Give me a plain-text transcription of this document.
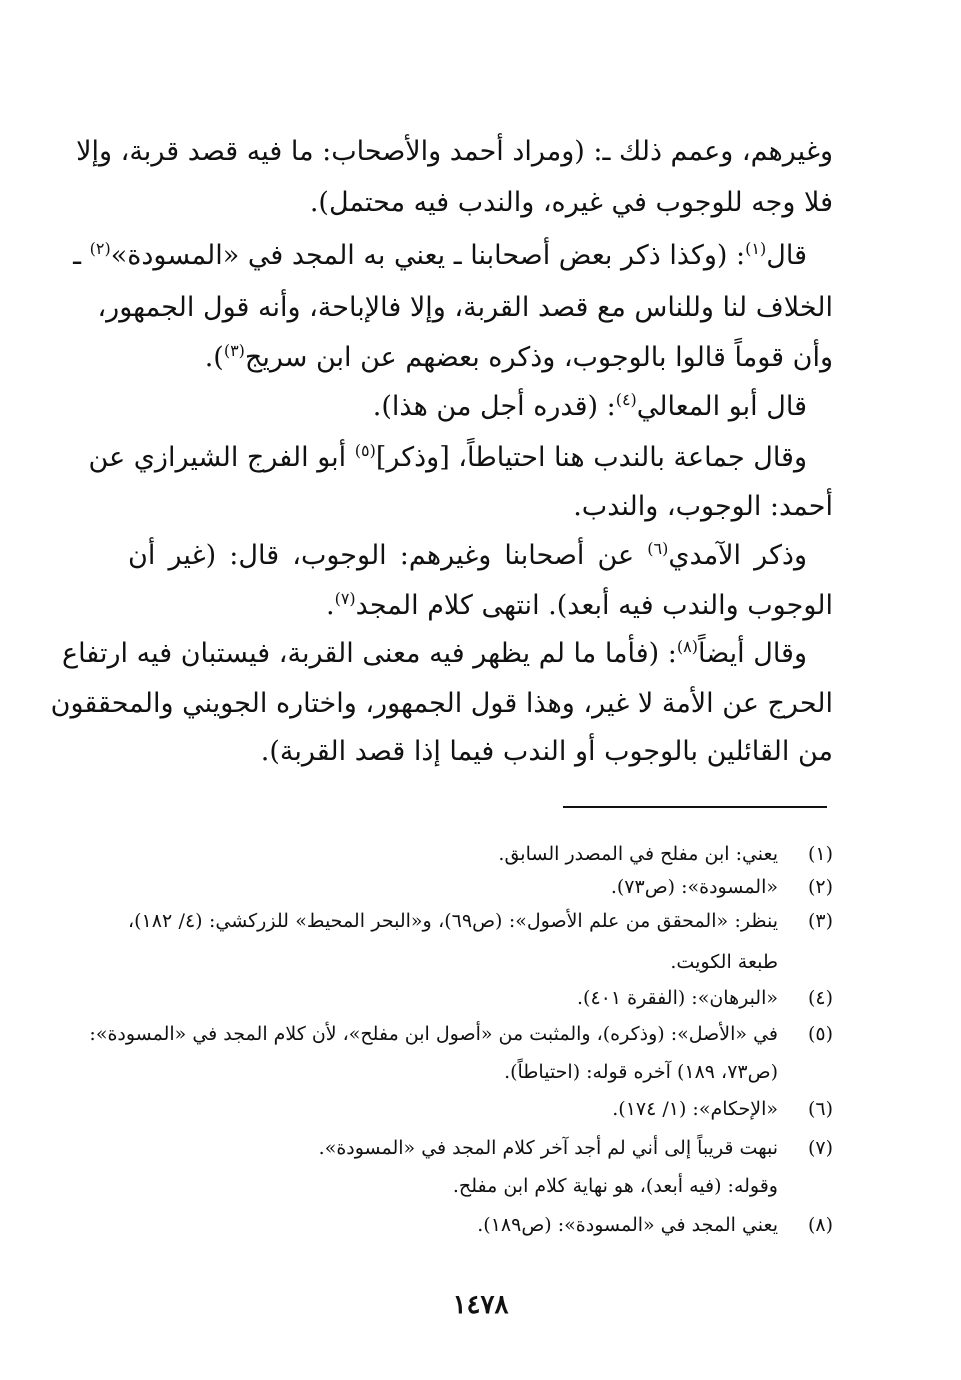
وغيرهم، وعمم ذلك ـ: (ومراد أحمد والأصحاب: ما فيه قصد قربة، وإلا
فلا وجه للوجوب في غيره، والندب فيه محتمل).
قال$^{(١)}$: (وكذا ذكر بعض أصحابنا ـ يعني به المجد في «المسودة»$^{(٢)}$ ـ
الخلاف لنا وللناس مع قصد القربة، وإلا فالإباحة، وأنه قول الجمهور،
وأن قوماً قالوا بالوجوب، وذكره بعضهم عن ابن سريج$^{(٣)}$).
قال أبو المعالي$^{(٤)}$: (قدره أجل من هذا).
وقال جماعة بالندب هنا احتياطاً، [وذكر]$^{(٥)}$ أبو الفرج الشيرازي عن
أحمد: الوجوب، والندب.
وذكر الآمدي$^{(٦)}$ عن أصحابنا وغيرهم: الوجوب، قال: (غير أن
الوجوب والندب فيه أبعد). انتهى كلام المجد$^{(٧)}$.
وقال أيضاً$^{(٨)}$: (فأما ما لم يظهر فيه معنى القربة، فيستبان فيه ارتفاع
الحرج عن الأمة لا غير، وهذا قول الجمهور، واختاره الجويني والمحققون
من القائلين بالوجوب أو الندب فيما إذا قصد القربة).
(١)
يعني: ابن مفلح في المصدر السابق.
(٢)
«المسودة»: (ص٧٣).
(٣)
ينظر: «المحقق من علم الأصول»: (ص٦٩)، و«البحر المحيط» للزركشي: (٤/ ١٨٢)،
طبعة الكويت.
(٤)
«البرهان»: (الفقرة ٤٠١).
(٥)
في «الأصل»: (وذكره)، والمثبت من «أصول ابن مفلح»، لأن كلام المجد في «المسودة»:
(ص٧٣، ١٨٩) آخره قوله: (احتياطاً).
(٦)
«الإحكام»: (١/ ١٧٤).
(٧)
نبهت قريباً إلى أني لم أجد آخر كلام المجد في «المسودة».
وقوله: (فيه أبعد)، هو نهاية كلام ابن مفلح.
(٨)
يعني المجد في «المسودة»: (ص١٨٩).
١٤٧٨
